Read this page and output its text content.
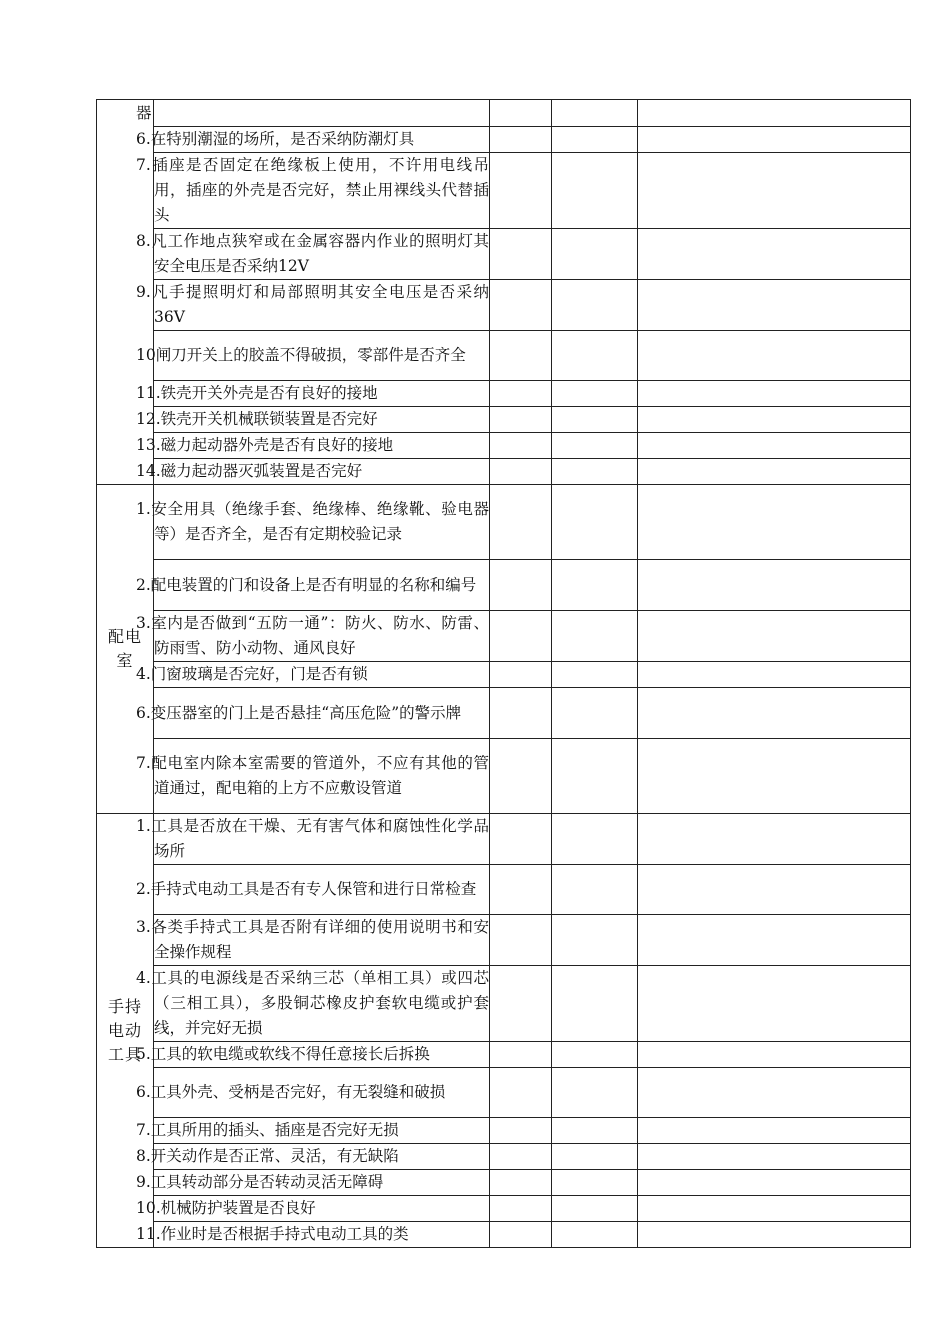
	器			
	6.在特别潮湿的场所，是否采纳防潮灯具			
	7.插座是否固定在绝缘板上使用，不许用电线吊用，插座的外壳是否完好，禁止用裸线头代替插头			
	8.凡工作地点狭窄或在金属容器内作业的照明灯其安全电压是否采纳12V			
	9.凡手提照明灯和局部照明其安全电压是否采纳36V			
	10闸刀开关上的胶盖不得破损，零部件是否齐全			
	11.铁壳开关外壳是否有良好的接地			
	12.铁壳开关机械联锁装置是否完好			
	13.磁力起动器外壳是否有良好的接地			
	14.磁力起动器灭弧装置是否完好			

配电
室	1.安全用具（绝缘手套、绝缘棒、绝缘靴、验电器等）是否齐全，是否有定期校验记录			
	2.配电装置的门和设备上是否有明显的名称和编号			
	3.室内是否做到“五防一通”：防火、防水、防雷、防雨雪、防小动物、通风良好			
	4.门窗玻璃是否完好，门是否有锁			
	6.变压器室的门上是否悬挂“高压危险”的警示牌			
	7.配电室内除本室需要的管道外，不应有其他的管道通过，配电箱的上方不应敷设管道			

手持
电动
工具	1.工具是否放在干燥、无有害气体和腐蚀性化学品场所			
	2.手持式电动工具是否有专人保管和进行日常检查			
	3.各类手持式工具是否附有详细的使用说明书和安全操作规程			
	4.工具的电源线是否采纳三芯（单相工具）或四芯（三相工具），多股铜芯橡皮护套软电缆或护套线，并完好无损			
	5.工具的软电缆或软线不得任意接长后拆换			
	6.工具外壳、受柄是否完好，有无裂缝和破损			
	7.工具所用的插头、插座是否完好无损			
	8.开关动作是否正常、灵活，有无缺陷			
	9.工具转动部分是否转动灵活无障碍			
	10.机械防护装置是否良好			
	11.作业时是否根据手持式电动工具的类			
